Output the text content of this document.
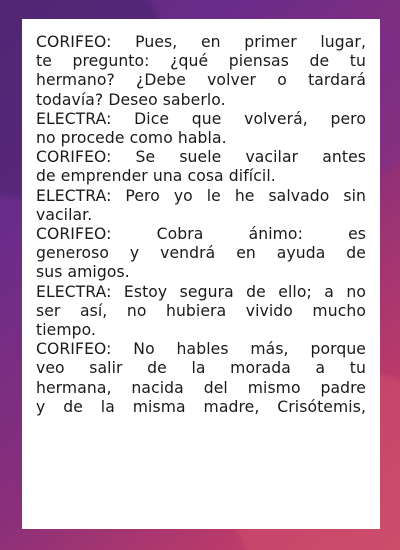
CORIFEO: Pues, en primer lugar,
te pregunto: ¿qué piensas de tu
hermano? ¿Debe volver o tardará
todavía? Deseo saberlo.
ELECTRA: Dice que volverá, pero
no procede como habla.
CORIFEO: Se suele vacilar antes
de emprender una cosa difícil.
ELECTRA: Pero yo le he salvado sin
vacilar.
CORIFEO: Cobra ánimo: es
generoso y vendrá en ayuda de
sus amigos.
ELECTRA: Estoy segura de ello; a no
ser así, no hubiera vivido mucho
tiempo.
CORIFEO: No hables más, porque
veo salir de la morada a tu
hermana, nacida del mismo padre
y de la misma madre, Crisótemis,
